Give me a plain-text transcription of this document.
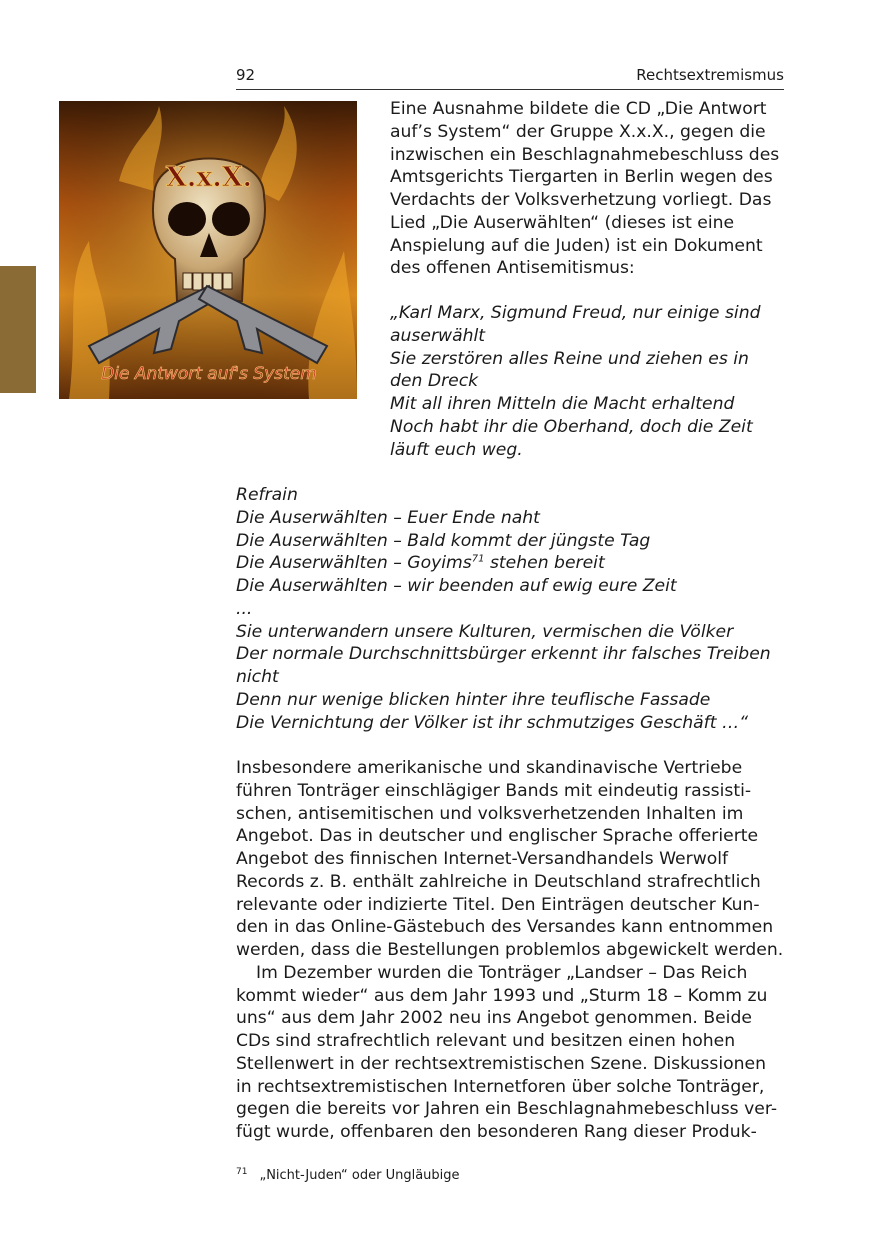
92	Rechtsextremismus
X.x.X.
Die Antwort auf's System
Eine Ausnahme bildete die CD „Die Antwort
auf’s System“ der Gruppe X.x.X., gegen die
inzwischen ein Beschlagnahmebeschluss des
Amtsgerichts Tiergarten in Berlin wegen des
Verdachts der Volksverhetzung vorliegt. Das
Lied „Die Auserwählten“ (dieses ist eine
Anspielung auf die Juden) ist ein Dokument
des offenen Antisemitismus:
„Karl Marx, Sigmund Freud, nur einige sind
auserwählt
Sie zerstören alles Reine und ziehen es in
den Dreck
Mit all ihren Mitteln die Macht erhaltend
Noch habt ihr die Oberhand, doch die Zeit
läuft euch weg.
Refrain
Die Auserwählten – Euer Ende naht
Die Auserwählten – Bald kommt der jüngste Tag
Die Auserwählten – Goyims$^{71}$ stehen bereit
Die Auserwählten – wir beenden auf ewig eure Zeit
...
Sie unterwandern unsere Kulturen, vermischen die Völker
Der normale Durchschnittsbürger erkennt ihr falsches Treiben
nicht
Denn nur wenige blicken hinter ihre teuflische Fassade
Die Vernichtung der Völker ist ihr schmutziges Geschäft …“
Insbesondere amerikanische und skandinavische Vertriebe
führen Tonträger einschlägiger Bands mit eindeutig rassisti-
schen, antisemitischen und volksverhetzenden Inhalten im
Angebot. Das in deutscher und englischer Sprache offerierte
Angebot des finnischen Internet-Versandhandels Werwolf
Records z. B. enthält zahlreiche in Deutschland strafrechtlich
relevante oder indizierte Titel. Den Einträgen deutscher Kun-
den in das Online-Gästebuch des Versandes kann entnommen
werden, dass die Bestellungen problemlos abgewickelt werden.
Im Dezember wurden die Tonträger „Landser – Das Reich
kommt wieder“ aus dem Jahr 1993 und „Sturm 18 – Komm zu
uns“ aus dem Jahr 2002 neu ins Angebot genommen. Beide
CDs sind strafrechtlich relevant und besitzen einen hohen
Stellenwert in der rechtsextremistischen Szene. Diskussionen
in rechtsextremistischen Internetforen über solche Tonträger,
gegen die bereits vor Jahren ein Beschlagnahmebeschluss ver-
fügt wurde, offenbaren den besonderen Rang dieser Produk-
$^{71}$ „Nicht-Juden“ oder Ungläubige
